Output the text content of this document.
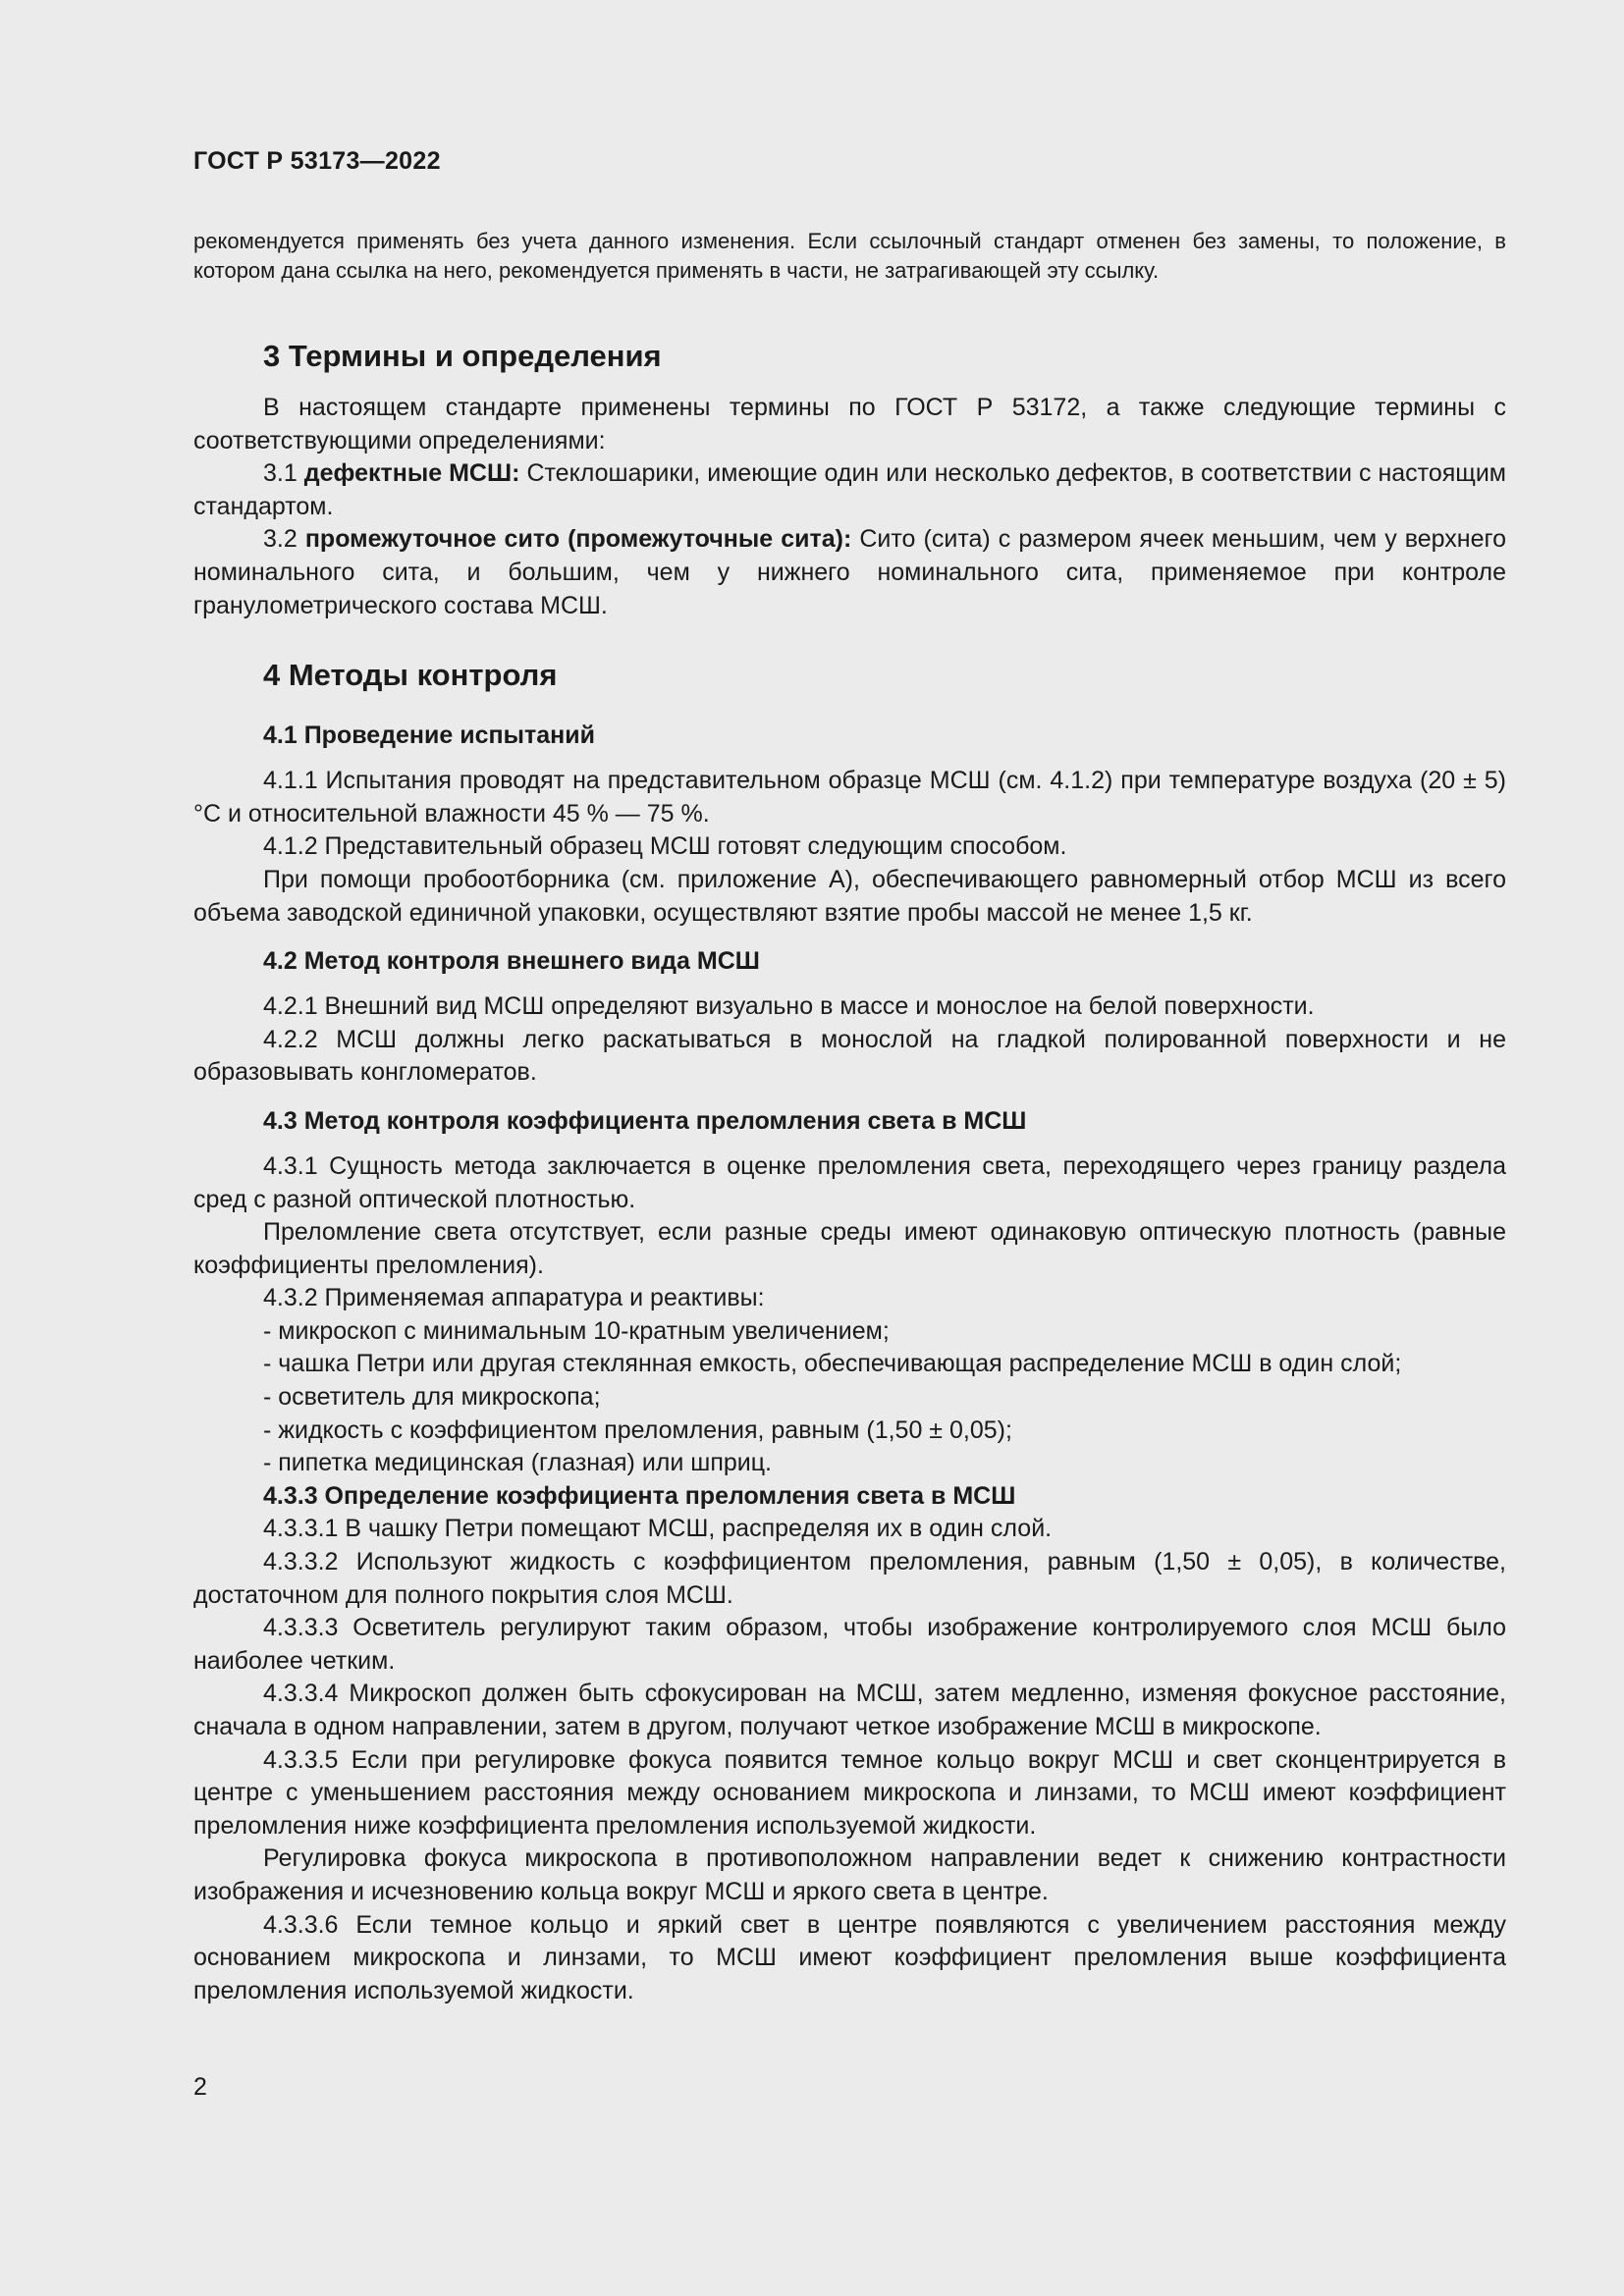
ГОСТ Р 53173—2022

рекомендуется применять без учета данного изменения. Если ссылочный стандарт отменен без замены, то положение, в котором дана ссылка на него, рекомендуется применять в части, не затрагивающей эту ссылку.

3 Термины и определения

В настоящем стандарте применены термины по ГОСТ Р 53172, а также следующие термины с соответствующими определениями:

3.1 дефектные МСШ: Стеклошарики, имеющие один или несколько дефектов, в соответствии с настоящим стандартом.

3.2 промежуточное сито (промежуточные сита): Сито (сита) с размером ячеек меньшим, чем у верхнего номинального сита, и большим, чем у нижнего номинального сита, применяемое при контроле гранулометрического состава МСШ.

4 Методы контроля
4.1 Проведение испытаний

4.1.1 Испытания проводят на представительном образце МСШ (см. 4.1.2) при температуре воздуха (20 ± 5) °С и относительной влажности 45 % — 75 %.

4.1.2 Представительный образец МСШ готовят следующим способом.

При помощи пробоотборника (см. приложение А), обеспечивающего равномерный отбор МСШ из всего объема заводской единичной упаковки, осуществляют взятие пробы массой не менее 1,5 кг.

4.2 Метод контроля внешнего вида МСШ

4.2.1 Внешний вид МСШ определяют визуально в массе и монослое на белой поверхности.

4.2.2 МСШ должны легко раскатываться в монослой на гладкой полированной поверхности и не образовывать конгломератов.

4.3 Метод контроля коэффициента преломления света в МСШ

4.3.1 Сущность метода заключается в оценке преломления света, переходящего через границу раздела сред с разной оптической плотностью.

Преломление света отсутствует, если разные среды имеют одинаковую оптическую плотность (равные коэффициенты преломления).

4.3.2 Применяемая аппаратура и реактивы:

- микроскоп с минимальным 10-кратным увеличением;

- чашка Петри или другая стеклянная емкость, обеспечивающая распределение МСШ в один слой;

- осветитель для микроскопа;

- жидкость с коэффициентом преломления, равным (1,50 ± 0,05);

- пипетка медицинская (глазная) или шприц.

4.3.3 Определение коэффициента преломления света в МСШ

4.3.3.1 В чашку Петри помещают МСШ, распределяя их в один слой.

4.3.3.2 Используют жидкость с коэффициентом преломления, равным (1,50 ± 0,05), в количестве, достаточном для полного покрытия слоя МСШ.

4.3.3.3 Осветитель регулируют таким образом, чтобы изображение контролируемого слоя МСШ было наиболее четким.

4.3.3.4 Микроскоп должен быть сфокусирован на МСШ, затем медленно, изменяя фокусное расстояние, сначала в одном направлении, затем в другом, получают четкое изображение МСШ в микроскопе.

4.3.3.5 Если при регулировке фокуса появится темное кольцо вокруг МСШ и свет сконцентрируется в центре с уменьшением расстояния между основанием микроскопа и линзами, то МСШ имеют коэффициент преломления ниже коэффициента преломления используемой жидкости.

Регулировка фокуса микроскопа в противоположном направлении ведет к снижению контрастности изображения и исчезновению кольца вокруг МСШ и яркого света в центре.

4.3.3.6 Если темное кольцо и яркий свет в центре появляются с увеличением расстояния между основанием микроскопа и линзами, то МСШ имеют коэффициент преломления выше коэффициента преломления используемой жидкости.

2
